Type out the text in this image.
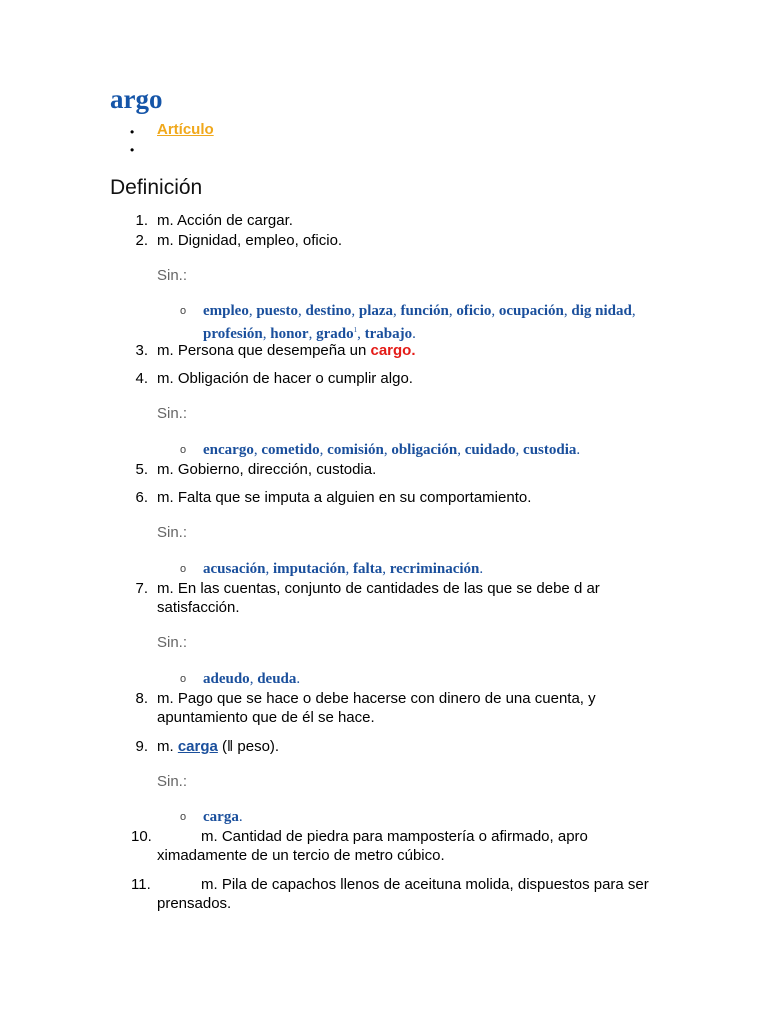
argo
• Artículo
•
Definición
1. m. Acción de cargar.
2. m. Dignidad, empleo, oficio.
Sin.:
o empleo, puesto, destino, plaza, función, oficio, ocupación, dig nidad, profesión, honor, grado$^1$, trabajo.
3. m. Persona que desempeña un cargo.
4. m. Obligación de hacer o cumplir algo.
Sin.:
o encargo, cometido, comisión, obligación, cuidado, custodia.
5. m. Gobierno, dirección, custodia.
6. m. Falta que se imputa a alguien en su comportamiento.
Sin.:
o acusación, imputación, falta, recriminación.
7. m. En las cuentas, conjunto de cantidades de las que se debe d ar satisfacción.
Sin.:
o adeudo, deuda.
8. m. Pago que se hace o debe hacerse con dinero de una cuenta, y apuntamiento que de él se hace.
9. m. carga (‖ peso).
Sin.:
o carga.
10.	m. Cantidad de piedra para mampostería o afirmado, apro ximadamente de un tercio de metro cúbico.
11.	m. Pila de capachos llenos de aceituna molida, dispuestos para ser prensados.
